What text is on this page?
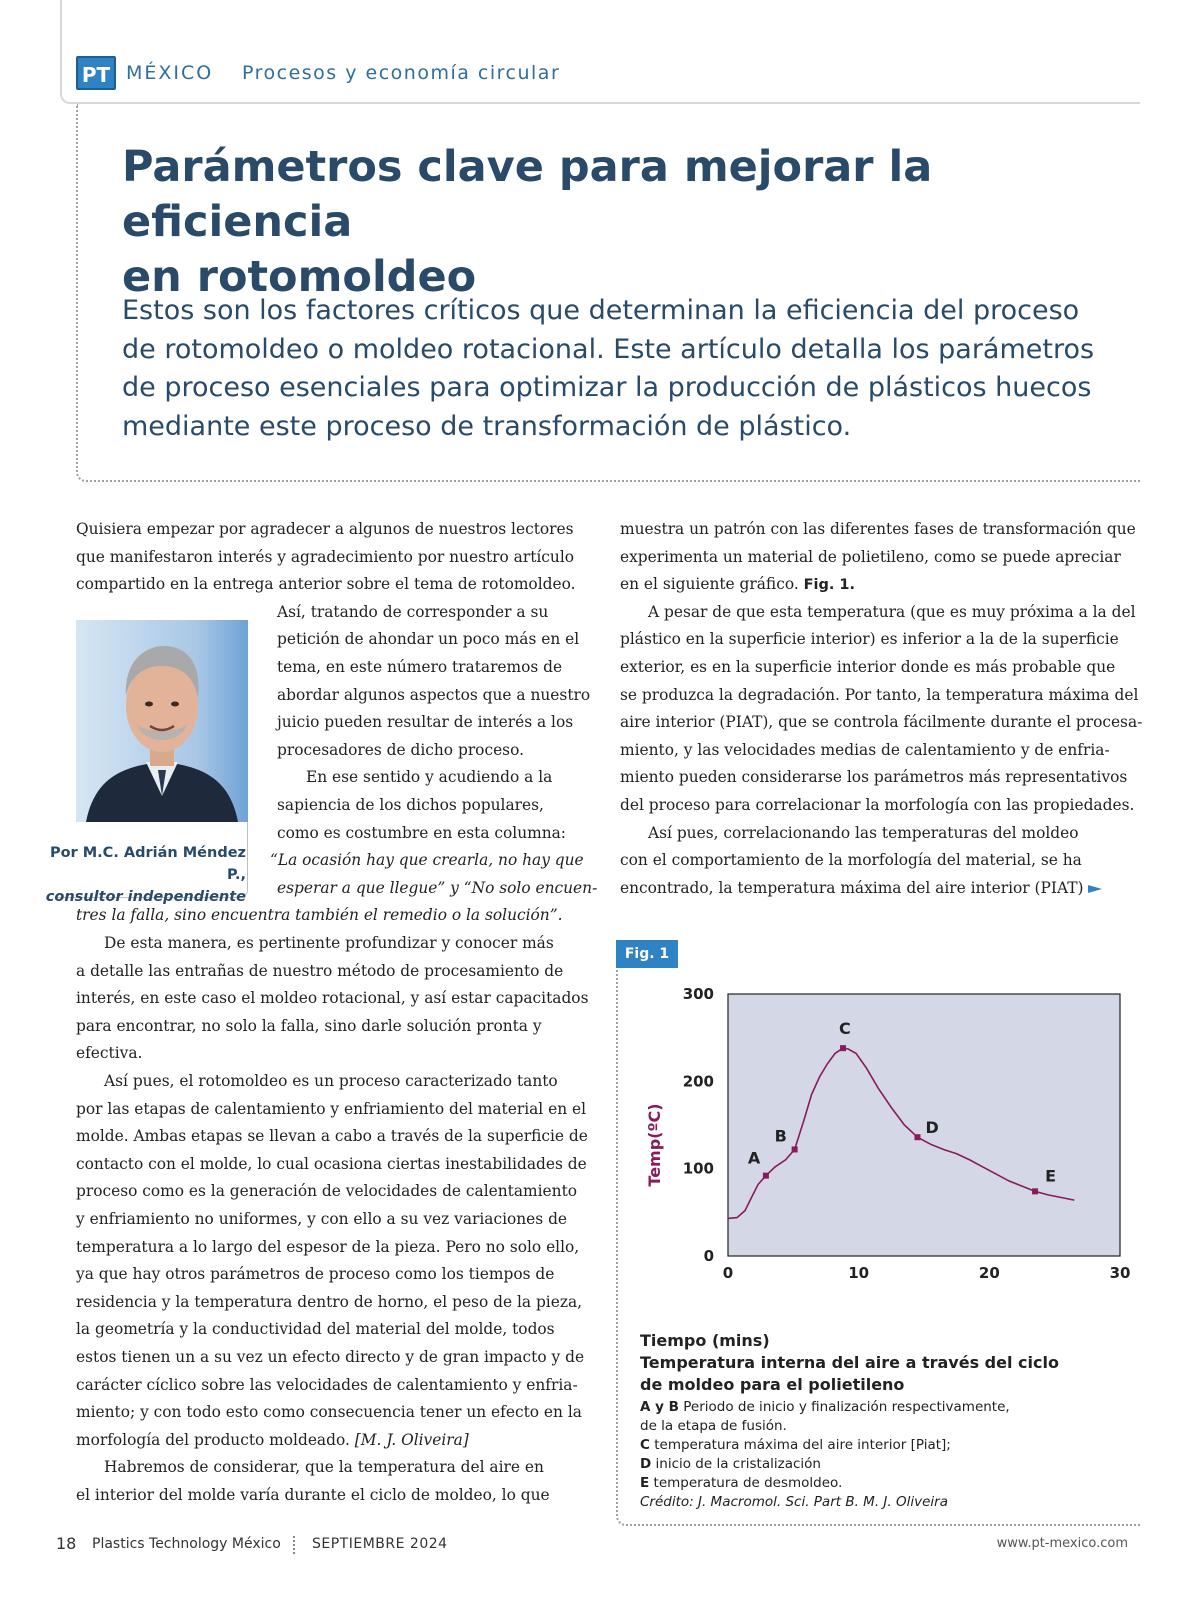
PT MÉXICO Procesos y economía circular
Parámetros clave para mejorar la eficiencia
en rotomoldeo
Estos son los factores críticos que determinan la eficiencia del proceso
de rotomoldeo o moldeo rotacional. Este artículo detalla los parámetros
de proceso esenciales para optimizar la producción de plásticos huecos
mediante este proceso de transformación de plástico.
Por M.C. Adrián Méndez P.,
consultor independiente
Quisiera empezar por agradecer a algunos de nuestros lectores
que manifestaron interés y agradecimiento por nuestro artículo
compartido en la entrega anterior sobre el tema de rotomoldeo.
Así, tratando de corresponder a su
petición de ahondar un poco más en el
tema, en este número trataremos de
abordar algunos aspectos que a nuestro
juicio pueden resultar de interés a los
procesadores de dicho proceso.
En ese sentido y acudiendo a la
sapiencia de los dichos populares,
como es costumbre en esta columna:
“La ocasión hay que crearla, no hay que
esperar a que llegue” y “No solo encuen-
tres la falla, sino encuentra también el remedio o la solución”.
De esta manera, es pertinente profundizar y conocer más
a detalle las entrañas de nuestro método de procesamiento de
interés, en este caso el moldeo rotacional, y así estar capacitados
para encontrar, no solo la falla, sino darle solución pronta y
efectiva.
Así pues, el rotomoldeo es un proceso caracterizado tanto
por las etapas de calentamiento y enfriamiento del material en el
molde. Ambas etapas se llevan a cabo a través de la superficie de
contacto con el molde, lo cual ocasiona ciertas inestabilidades de
proceso como es la generación de velocidades de calentamiento
y enfriamiento no uniformes, y con ello a su vez variaciones de
temperatura a lo largo del espesor de la pieza. Pero no solo ello,
ya que hay otros parámetros de proceso como los tiempos de
residencia y la temperatura dentro de horno, el peso de la pieza,
la geometría y la conductividad del material del molde, todos
estos tienen un a su vez un efecto directo y de gran impacto y de
carácter cíclico sobre las velocidades de calentamiento y enfria-
miento; y con todo esto como consecuencia tener un efecto en la
morfología del producto moldeado. [M. J. Oliveira]
Habremos de considerar, que la temperatura del aire en
el interior del molde varía durante el ciclo de moldeo, lo que
muestra un patrón con las diferentes fases de transformación que
experimenta un material de polietileno, como se puede apreciar
en el siguiente gráfico. Fig. 1.
A pesar de que esta temperatura (que es muy próxima a la del
plástico en la superficie interior) es inferior a la de la superficie
exterior, es en la superficie interior donde es más probable que
se produzca la degradación. Por tanto, la temperatura máxima del
aire interior (PIAT), que se controla fácilmente durante el procesa-
miento, y las velocidades medias de calentamiento y de enfria-
miento pueden considerarse los parámetros más representativos
del proceso para correlacionar la morfología con las propiedades.
Así pues, correlacionando las temperaturas del moldeo
con el comportamiento de la morfología del material, se ha
encontrado, la temperatura máxima del aire interior (PIAT)
Fig. 1
A
B
C
D
E
0
100
200
300
0	10	20	30
Temp(ºC)
Tiempo (mins)
Temperatura interna del aire a través del ciclo
de moldeo para el polietileno
A y B Periodo de inicio y finalización respectivamente,
de la etapa de fusión.
C temperatura máxima del aire interior [Piat];
D inicio de la cristalización
E temperatura de desmoldeo.
Crédito: J. Macromol. Sci. Part B. M. J. Oliveira
18 Plastics Technology México SEPTIEMBRE 2024	www.pt-mexico.com
